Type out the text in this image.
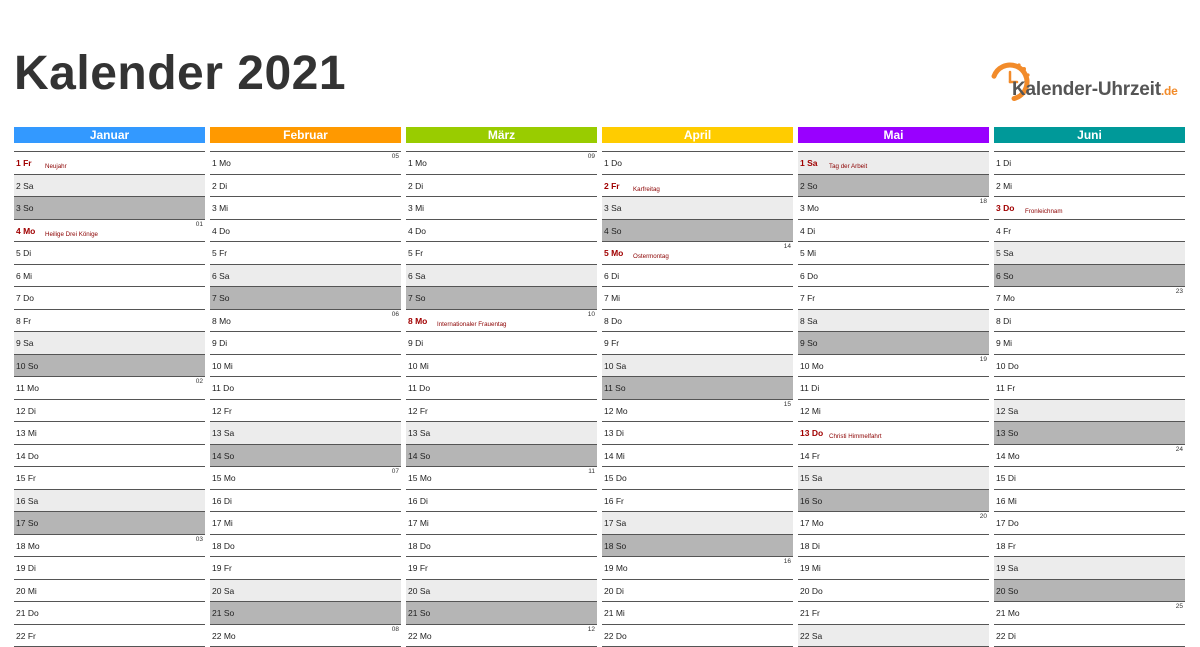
Kalender 2021	Kalender-Uhrzeit.de
Januar
1 Fr Neujahr
2 Sa
3 So
4 Mo Heilige Drei Könige
01
5 Di
6 Mi
7 Do
8 Fr
9 Sa
10 So
11 Mo
02
12 Di
13 Mi
14 Do
15 Fr
16 Sa
17 So
18 Mo
03
19 Di
20 Mi
21 Do
22 Fr
Februar
1 Mo
05
2 Di
3 Mi
4 Do
5 Fr
6 Sa
7 So
8 Mo
06
9 Di
10 Mi
11 Do
12 Fr
13 Sa
14 So
15 Mo
07
16 Di
17 Mi
18 Do
19 Fr
20 Sa
21 So
22 Mo
08
März
1 Mo
09
2 Di
3 Mi
4 Do
5 Fr
6 Sa
7 So
8 Mo Internationaler Frauentag
10
9 Di
10 Mi
11 Do
12 Fr
13 Sa
14 So
15 Mo
11
16 Di
17 Mi
18 Do
19 Fr
20 Sa
21 So
22 Mo
12
April
1 Do
2 Fr Karfreitag
3 Sa
4 So
5 Mo Ostermontag
14
6 Di
7 Mi
8 Do
9 Fr
10 Sa
11 So
12 Mo
15
13 Di
14 Mi
15 Do
16 Fr
17 Sa
18 So
19 Mo
16
20 Di
21 Mi
22 Do
Mai
1 Sa Tag der Arbeit
2 So
3 Mo
18
4 Di
5 Mi
6 Do
7 Fr
8 Sa
9 So
10 Mo
19
11 Di
12 Mi
13 Do Christi Himmelfahrt
14 Fr
15 Sa
16 So
17 Mo
20
18 Di
19 Mi
20 Do
21 Fr
22 Sa
Juni
1 Di
2 Mi
3 Do Fronleichnam
4 Fr
5 Sa
6 So
7 Mo
23
8 Di
9 Mi
10 Do
11 Fr
12 Sa
13 So
14 Mo
24
15 Di
16 Mi
17 Do
18 Fr
19 Sa
20 So
21 Mo
25
22 Di
